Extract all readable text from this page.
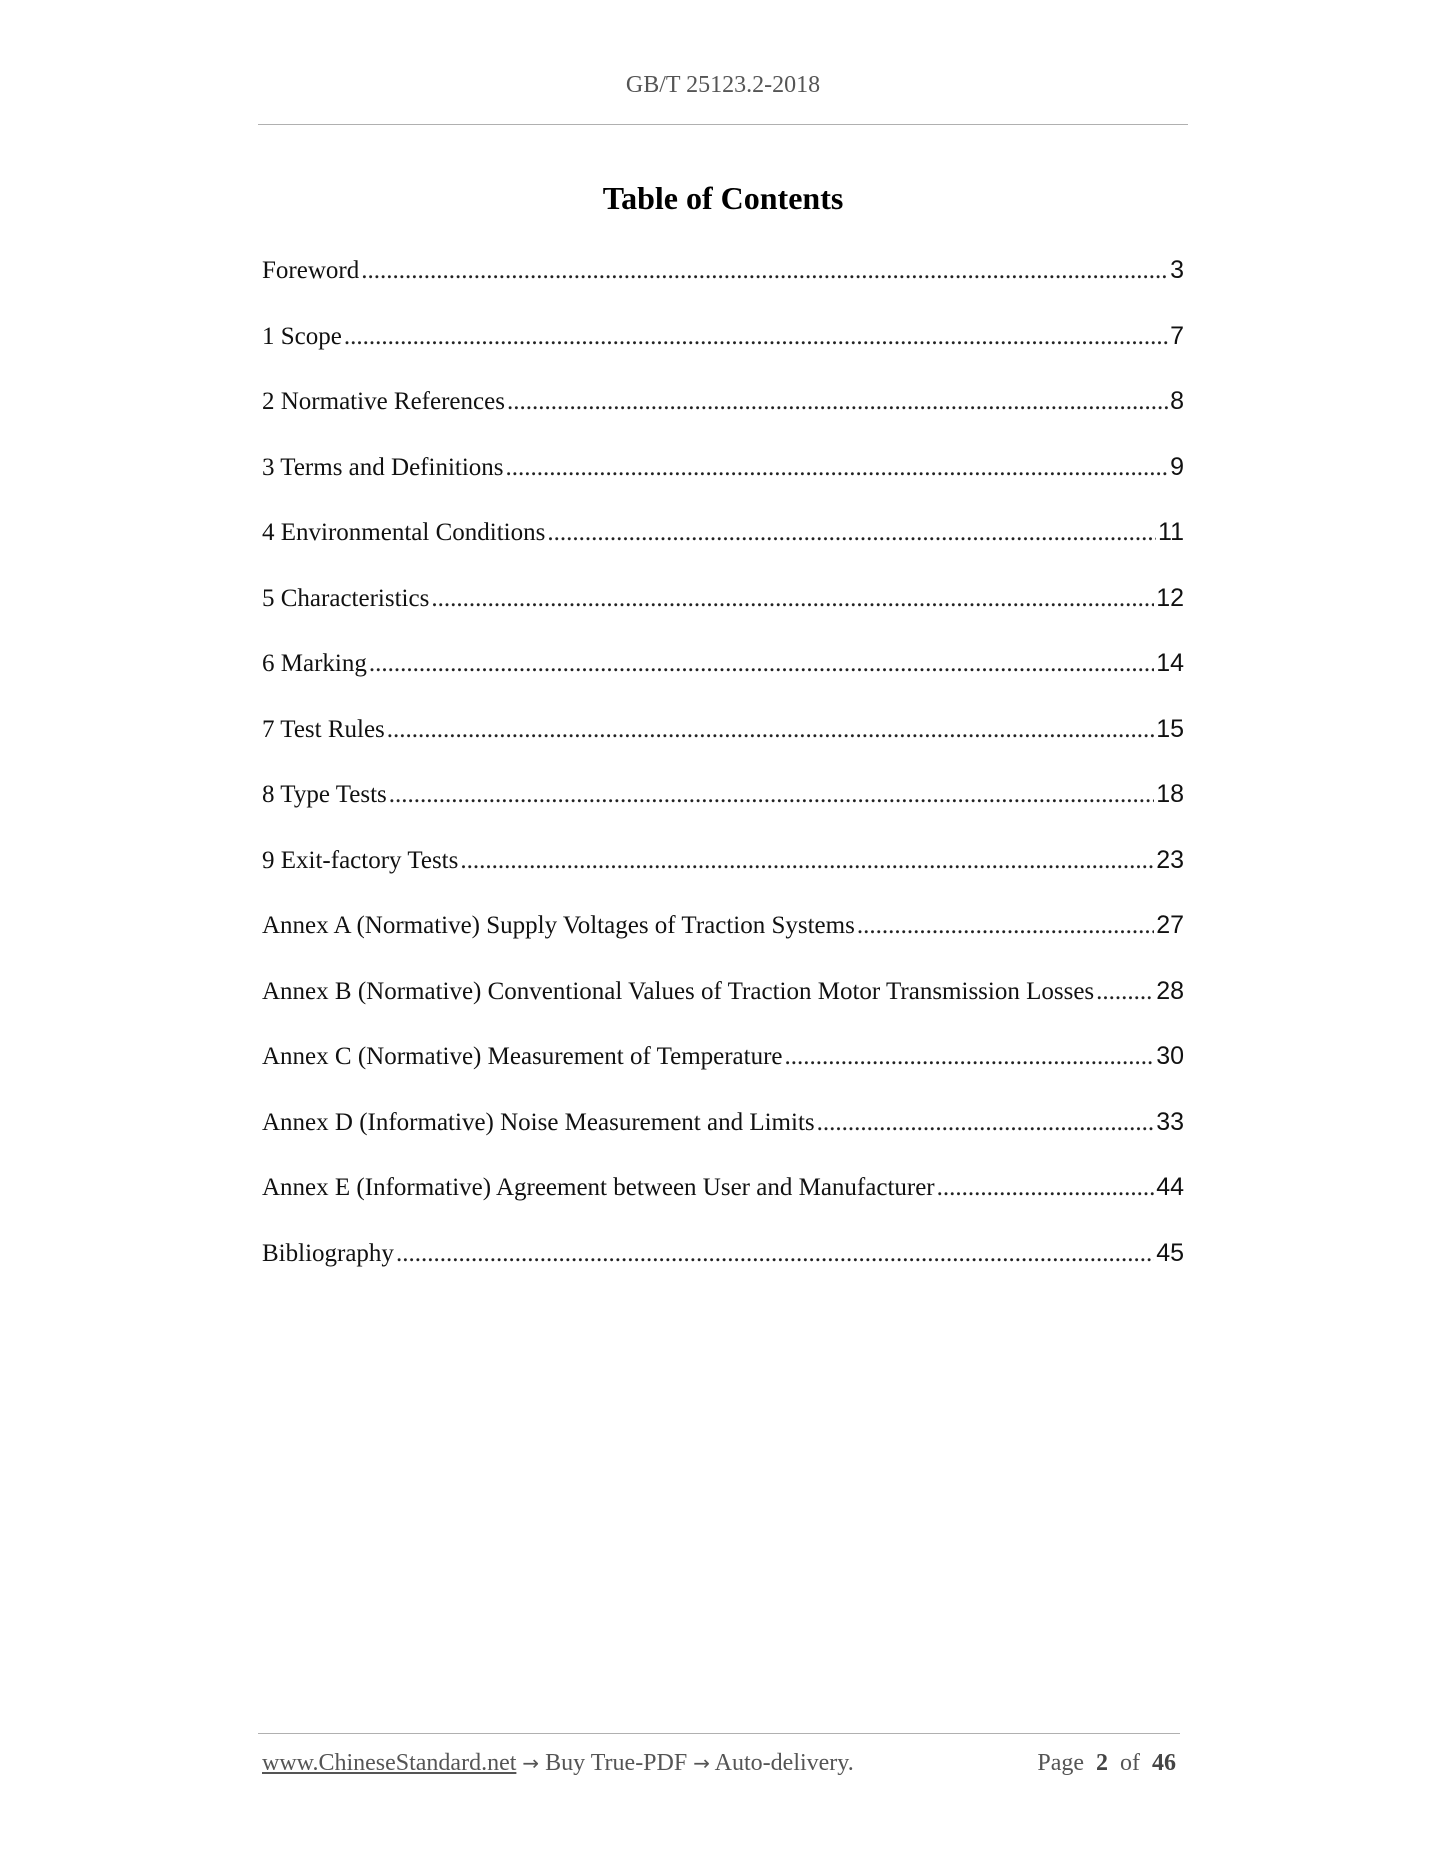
GB/T 25123.2-2018
Table of Contents
Foreword .....	3
1 Scope .....	7
2 Normative References .....	8
3 Terms and Definitions .....	9
4 Environmental Conditions .....	11
5 Characteristics .....	12
6 Marking .....	14
7 Test Rules .....	15
8 Type Tests .....	18
9 Exit-factory Tests .....	23
Annex A (Normative) Supply Voltages of Traction Systems .....	27
Annex B (Normative) Conventional Values of Traction Motor Transmission Losses ..... 28
Annex C (Normative) Measurement of Temperature .....	30
Annex D (Informative) Noise Measurement and Limits .....	33
Annex E (Informative) Agreement between User and Manufacturer .....	44
Bibliography .....	45
www.ChineseStandard.net → Buy True-PDF → Auto-delivery.	Page 2 of 46
